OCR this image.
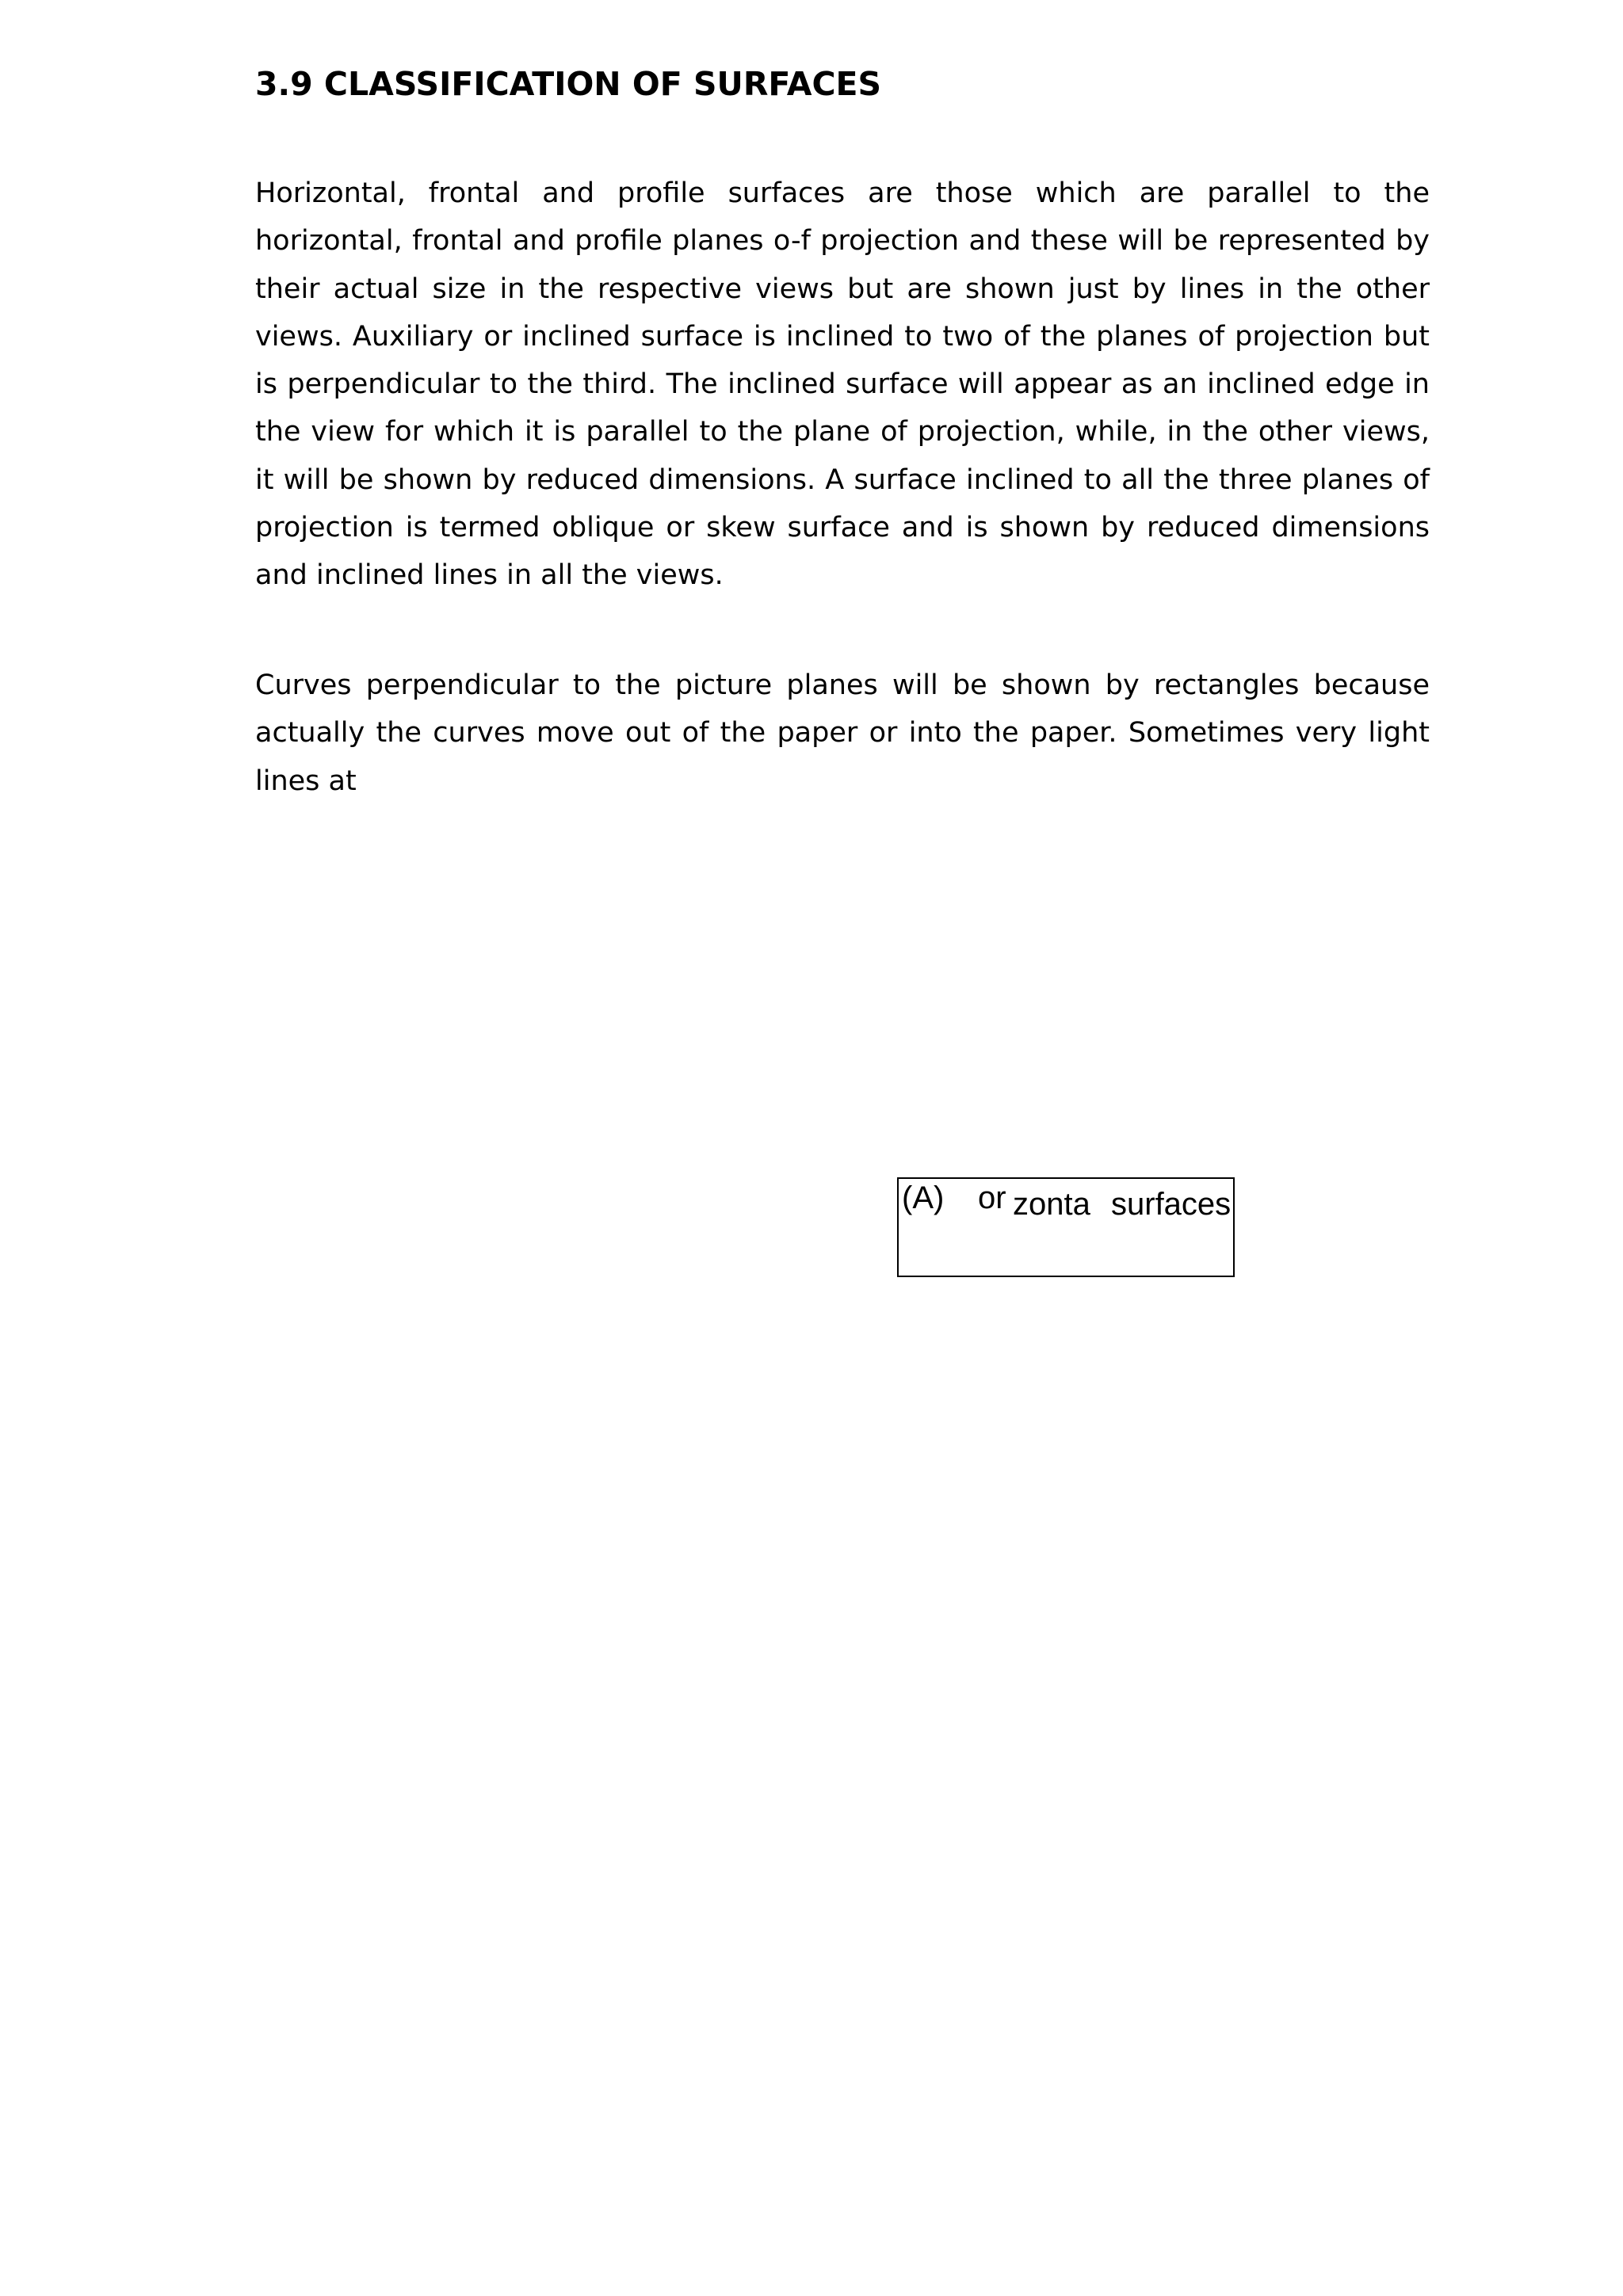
3.9 CLASSIFICATION OF SURFACES

Horizontal, frontal and profile surfaces are those which are parallel to the horizontal, frontal and profile planes o-f projection and these will be represented by their actual size in the respective views but are shown just by lines in the other views. Auxiliary or inclined surface is inclined to two of the planes of projection but is perpendicular to the third. The inclined surface will appear as an inclined edge in the view for which it is parallel to the plane of projection, while, in the other views, it will be shown by reduced dimensions. A surface inclined to all the three planes of projection is termed oblique or skew surface and is shown by reduced dimensions and inclined lines in all the views.

Curves perpendicular to the picture planes will be shown by rectangles because actually the curves move out of the paper or into the paper. Sometimes very light lines at

(A) or zonta surfaces
